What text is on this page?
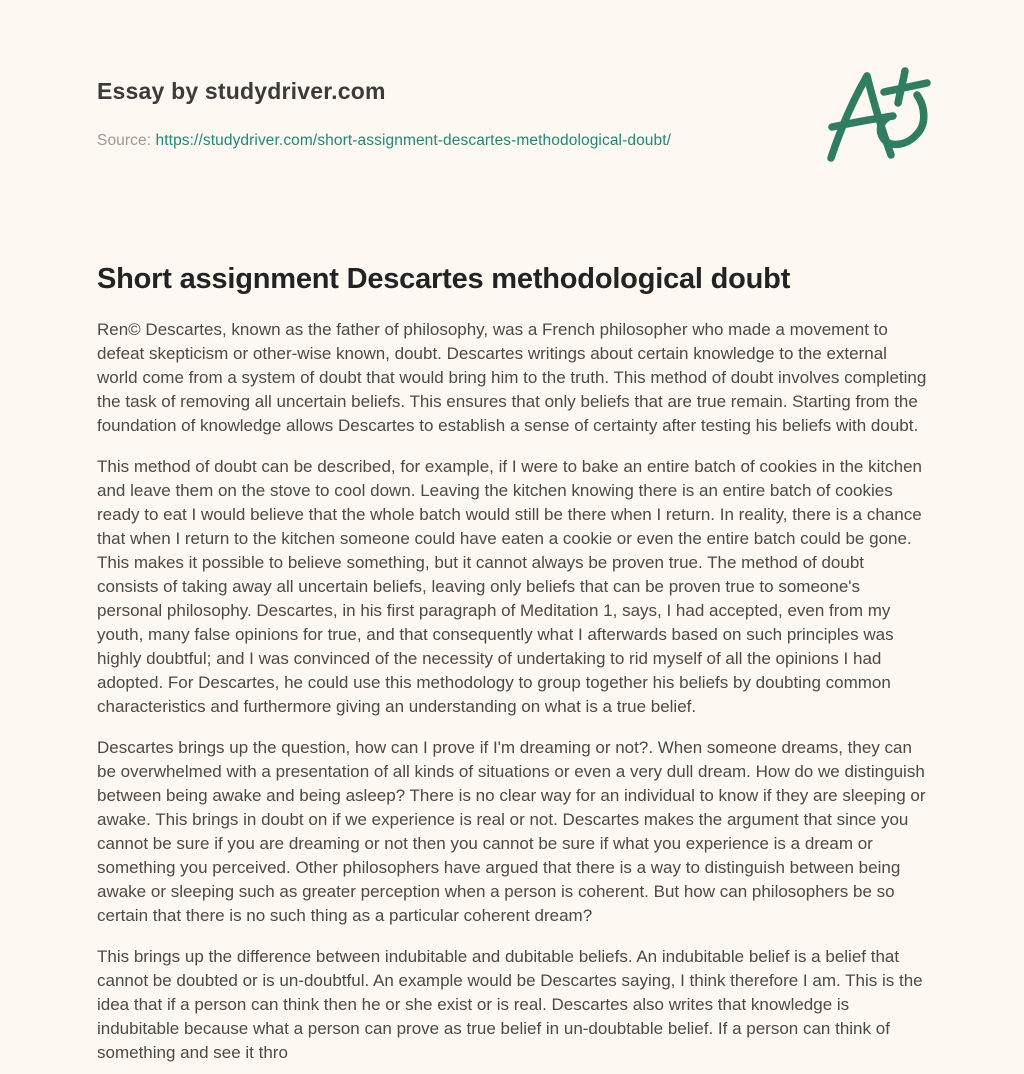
Essay by studydriver.com

Source: https://studydriver.com/short-assignment-descartes-methodological-doubt/

Short assignment Descartes methodological doubt

Ren© Descartes, known as the father of philosophy, was a French philosopher who made a movement to defeat skepticism or other-wise known, doubt. Descartes writings about certain knowledge to the external world come from a system of doubt that would bring him to the truth. This method of doubt involves completing the task of removing all uncertain beliefs. This ensures that only beliefs that are true remain. Starting from the foundation of knowledge allows Descartes to establish a sense of certainty after testing his beliefs with doubt.

This method of doubt can be described, for example, if I were to bake an entire batch of cookies in the kitchen and leave them on the stove to cool down. Leaving the kitchen knowing there is an entire batch of cookies ready to eat I would believe that the whole batch would still be there when I return. In reality, there is a chance that when I return to the kitchen someone could have eaten a cookie or even the entire batch could be gone. This makes it possible to believe something, but it cannot always be proven true. The method of doubt consists of taking away all uncertain beliefs, leaving only beliefs that can be proven true to someone's personal philosophy. Descartes, in his first paragraph of Meditation 1, says, I had accepted, even from my youth, many false opinions for true, and that consequently what I afterwards based on such principles was highly doubtful; and I was convinced of the necessity of undertaking to rid myself of all the opinions I had adopted. For Descartes, he could use this methodology to group together his beliefs by doubting common characteristics and furthermore giving an understanding on what is a true belief.

Descartes brings up the question, how can I prove if I'm dreaming or not?. When someone dreams, they can be overwhelmed with a presentation of all kinds of situations or even a very dull dream. How do we distinguish between being awake and being asleep? There is no clear way for an individual to know if they are sleeping or awake. This brings in doubt on if we experience is real or not. Descartes makes the argument that since you cannot be sure if you are dreaming or not then you cannot be sure if what you experience is a dream or something you perceived. Other philosophers have argued that there is a way to distinguish between being awake or sleeping such as greater perception when a person is coherent. But how can philosophers be so certain that there is no such thing as a particular coherent dream?

This brings up the difference between indubitable and dubitable beliefs. An indubitable belief is a belief that cannot be doubted or is un-doubtful. An example would be Descartes saying, I think therefore I am. This is the idea that if a person can think then he or she exist or is real. Descartes also writes that knowledge is indubitable because what a person can prove as true belief in un-doubtable belief. If a person can think of something and see it thro
